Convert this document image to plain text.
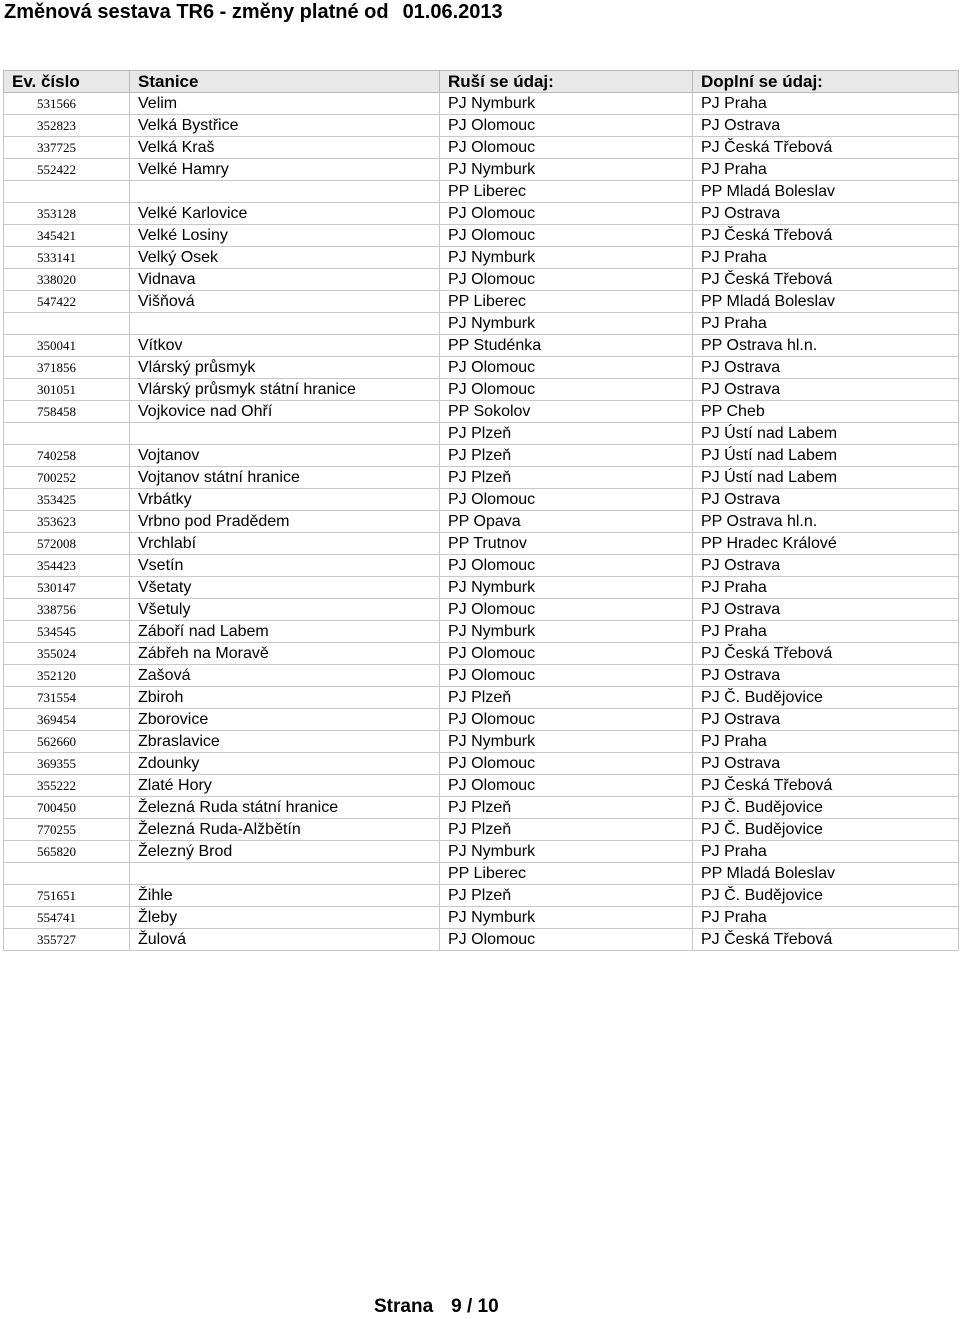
Změnová sestava TR6 - změny platné od 01.06.2013
Ev. číslo	Stanice	Ruší se údaj:	Doplní se údaj:
531566	Velim	PJ Nymburk	PJ Praha
352823	Velká Bystřice	PJ Olomouc	PJ Ostrava
337725	Velká Kraš	PJ Olomouc	PJ Česká Třebová
552422	Velké Hamry	PJ Nymburk	PJ Praha
		PP Liberec	PP Mladá Boleslav
353128	Velké Karlovice	PJ Olomouc	PJ Ostrava
345421	Velké Losiny	PJ Olomouc	PJ Česká Třebová
533141	Velký Osek	PJ Nymburk	PJ Praha
338020	Vidnava	PJ Olomouc	PJ Česká Třebová
547422	Višňová	PP Liberec	PP Mladá Boleslav
		PJ Nymburk	PJ Praha
350041	Vítkov	PP Studénka	PP Ostrava hl.n.
371856	Vlárský průsmyk	PJ Olomouc	PJ Ostrava
301051	Vlárský průsmyk státní hranice	PJ Olomouc	PJ Ostrava
758458	Vojkovice nad Ohří	PP Sokolov	PP Cheb
		PJ Plzeň	PJ Ústí nad Labem
740258	Vojtanov	PJ Plzeň	PJ Ústí nad Labem
700252	Vojtanov státní hranice	PJ Plzeň	PJ Ústí nad Labem
353425	Vrbátky	PJ Olomouc	PJ Ostrava
353623	Vrbno pod Pradědem	PP Opava	PP Ostrava hl.n.
572008	Vrchlabí	PP Trutnov	PP Hradec Králové
354423	Vsetín	PJ Olomouc	PJ Ostrava
530147	Všetaty	PJ Nymburk	PJ Praha
338756	Všetuly	PJ Olomouc	PJ Ostrava
534545	Záboří nad Labem	PJ Nymburk	PJ Praha
355024	Zábřeh na Moravě	PJ Olomouc	PJ Česká Třebová
352120	Zašová	PJ Olomouc	PJ Ostrava
731554	Zbiroh	PJ Plzeň	PJ Č. Budějovice
369454	Zborovice	PJ Olomouc	PJ Ostrava
562660	Zbraslavice	PJ Nymburk	PJ Praha
369355	Zdounky	PJ Olomouc	PJ Ostrava
355222	Zlaté Hory	PJ Olomouc	PJ Česká Třebová
700450	Železná Ruda státní hranice	PJ Plzeň	PJ Č. Budějovice
770255	Železná Ruda-Alžbětín	PJ Plzeň	PJ Č. Budějovice
565820	Železný Brod	PJ Nymburk	PJ Praha
		PP Liberec	PP Mladá Boleslav
751651	Žihle	PJ Plzeň	PJ Č. Budějovice
554741	Žleby	PJ Nymburk	PJ Praha
355727	Žulová	PJ Olomouc	PJ Česká Třebová
Strana 9 / 10
